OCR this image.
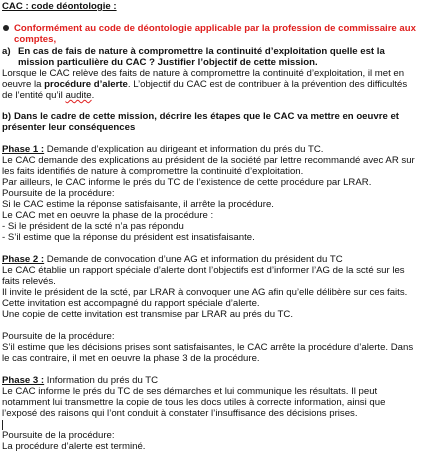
CAC : code déontologie :
Conformément au code de déontologie applicable par la profession de commissaire aux
comptes,
a) En cas de fais de nature à compromettre la continuité d’exploitation quelle est la
mission particulière du CAC ? Justifier l’objectif de cette mission.
Lorsque le CAC relève des faits de nature à compromettre la continuité d’exploitation, il met en
oeuvre la procédure d’alerte. L’objectif du CAC est de contribuer à la prévention des difficultés
de l’entité qu’il audite.
b) Dans le cadre de cette mission, décrire les étapes que le CAC va mettre en oeuvre et
présenter leur conséquences
Phase 1 : Demande d’explication au dirigeant et information du prés du TC.
Le CAC demande des explications au président de la société par lettre recommandé avec AR sur
les faits identifiés de nature à compromettre la continuité d’exploitation.
Par ailleurs, le CAC informe le prés du TC de l’existence de cette procédure par LRAR.
Poursuite de la procédure:
Si le CAC estime la réponse satisfaisante, il arrête la procédure.
Le CAC met en oeuvre la phase de la procédure :
- Si le président de la scté n’a pas répondu
- S’il estime que la réponse du président est insatisfaisante.
Phase 2 : Demande de convocation d’une AG et information du président du TC
Le CAC établie un rapport spéciale d’alerte dont l’objectifs est d’informer l’AG de la scté sur les
faits relevés.
Il invite le président de la scté, par LRAR à convoquer une AG afin qu’elle délibère sur ces faits.
Cette invitation est accompagné du rapport spéciale d’alerte.
Une copie de cette invitation est transmise par LRAR au prés du TC.
Poursuite de la procédure:
S’il estime que les décisions prises sont satisfaisantes, le CAC arrête la procédure d’alerte. Dans
le cas contraire, il met en oeuvre la phase 3 de la procédure.
Phase 3 : Information du prés du TC
Le CAC informe le prés du TC de ses démarches et lui communique les résultats. Il peut
notamment lui transmettre la copie de tous les docs utiles à correcte information, ainsi que
l’exposé des raisons qui l’ont conduit à constater l’insuffisance des décisions prises.
Poursuite de la procédure:
La procédure d’alerte est terminé.
